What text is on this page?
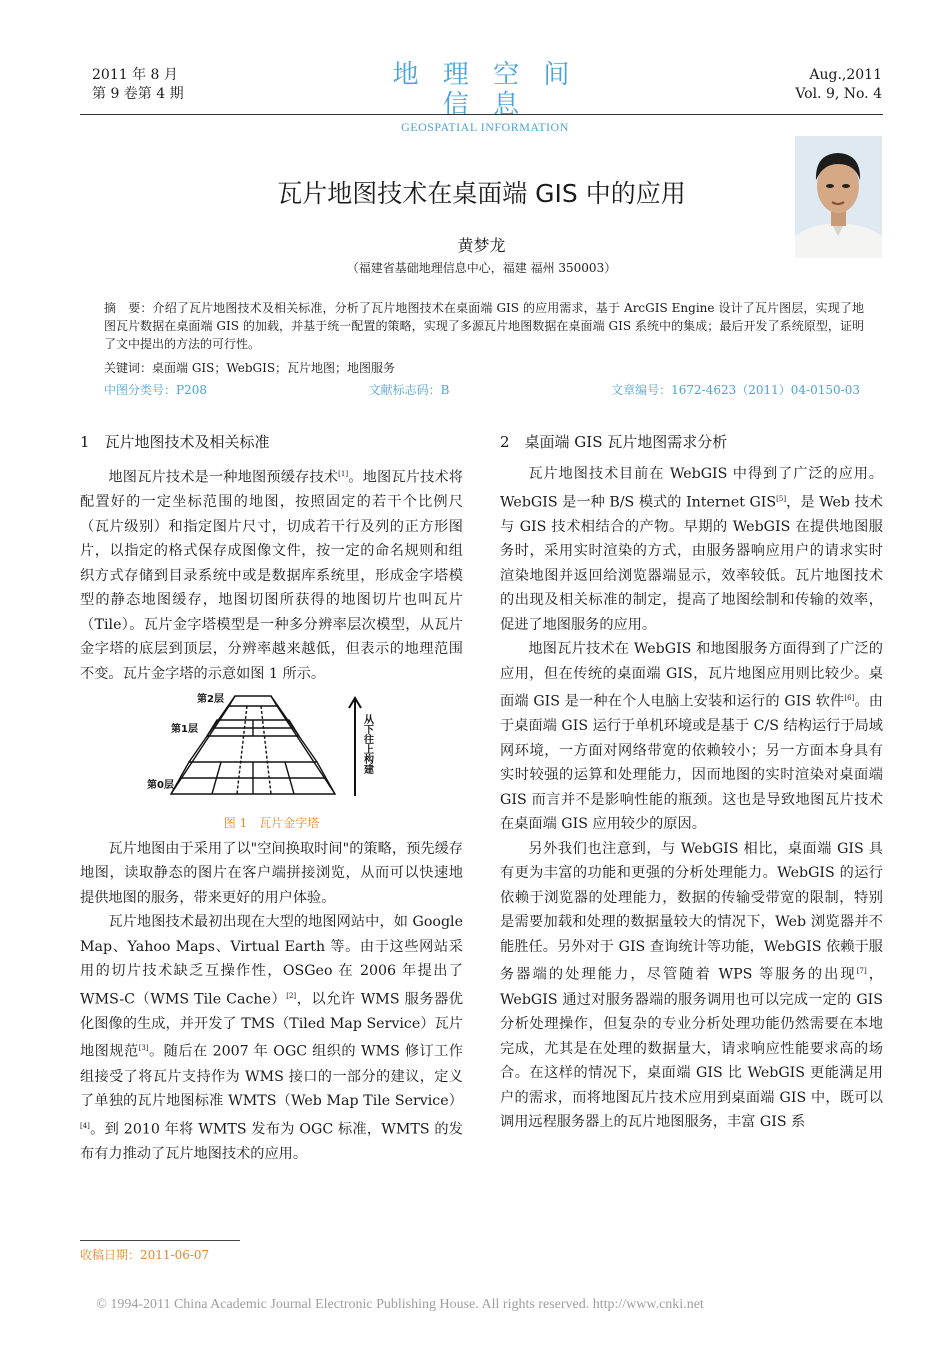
2011 年 8 月
第 9 卷第 4 期
地 理 空 间 信 息
GEOSPATIAL INFORMATION
Aug.,2011
Vol. 9, No. 4
瓦片地图技术在桌面端 GIS 中的应用
黄梦龙
（福建省基础地理信息中心，福建 福州 350003）
摘　要：介绍了瓦片地图技术及相关标准，分析了瓦片地图技术在桌面端 GIS 的应用需求，基于 ArcGIS Engine 设计了瓦片图层，实现了地图瓦片数据在桌面端 GIS 的加载，并基于统一配置的策略，实现了多源瓦片地图数据在桌面端 GIS 系统中的集成；最后开发了系统原型，证明了文中提出的方法的可行性。
关键词：桌面端 GIS；WebGIS；瓦片地图；地图服务
中图分类号：P208	文献标志码：B	文章编号：1672-4623（2011）04-0150-03
1　瓦片地图技术及相关标准

地图瓦片技术是一种地图预缓存技术[1]。地图瓦片技术将配置好的一定坐标范围的地图，按照固定的若干个比例尺（瓦片级别）和指定图片尺寸，切成若干行及列的正方形图片，以指定的格式保存成图像文件，按一定的命名规则和组织方式存储到目录系统中或是数据库系统里，形成金字塔模型的静态地图缓存，地图切图所获得的地图切片也叫瓦片（Tile）。瓦片金字塔模型是一种多分辨率层次模型，从瓦片金字塔的底层到顶层，分辨率越来越低，但表示的地理范围不变。瓦片金字塔的示意如图 1 所示。

第2层
第1层
第0层
从下往上构建
图 1　瓦片金字塔

瓦片地图由于采用了以"空间换取时间"的策略，预先缓存地图，读取静态的图片在客户端拼接浏览，从而可以快速地提供地图的服务，带来更好的用户体验。

瓦片地图技术最初出现在大型的地图网站中，如 Google Map、Yahoo Maps、Virtual Earth 等。由于这些网站采用的切片技术缺乏互操作性，OSGeo 在 2006 年提出了 WMS-C（WMS Tile Cache）[2]，以允许 WMS 服务器优化图像的生成，并开发了 TMS（Tiled Map Service）瓦片地图规范[3]。随后在 2007 年 OGC 组织的 WMS 修订工作组接受了将瓦片支持作为 WMS 接口的一部分的建议，定义了单独的瓦片地图标准 WMTS（Web Map Tile Service）[4]。到 2010 年将 WMTS 发布为 OGC 标准，WMTS 的发布有力推动了瓦片地图技术的应用。

2　桌面端 GIS 瓦片地图需求分析

瓦片地图技术目前在 WebGIS 中得到了广泛的应用。WebGIS 是一种 B/S 模式的 Internet GIS[5]，是 Web 技术与 GIS 技术相结合的产物。早期的 WebGIS 在提供地图服务时，采用实时渲染的方式，由服务器响应用户的请求实时渲染地图并返回给浏览器端显示，效率较低。瓦片地图技术的出现及相关标准的制定，提高了地图绘制和传输的效率，促进了地图服务的应用。

地图瓦片技术在 WebGIS 和地图服务方面得到了广泛的应用，但在传统的桌面端 GIS，瓦片地图应用则比较少。桌面端 GIS 是一种在个人电脑上安装和运行的 GIS 软件[6]。由于桌面端 GIS 运行于单机环境或是基于 C/S 结构运行于局域网环境，一方面对网络带宽的依赖较小；另一方面本身具有实时较强的运算和处理能力，因而地图的实时渲染对桌面端 GIS 而言并不是影响性能的瓶颈。这也是导致地图瓦片技术在桌面端 GIS 应用较少的原因。

另外我们也注意到，与 WebGIS 相比，桌面端 GIS 具有更为丰富的功能和更强的分析处理能力。WebGIS 的运行依赖于浏览器的处理能力，数据的传输受带宽的限制，特别是需要加载和处理的数据量较大的情况下，Web 浏览器并不能胜任。另外对于 GIS 查询统计等功能，WebGIS 依赖于服务器端的处理能力，尽管随着 WPS 等服务的出现[7]，WebGIS 通过对服务器端的服务调用也可以完成一定的 GIS 分析处理操作，但复杂的专业分析处理功能仍然需要在本地完成，尤其是在处理的数据量大，请求响应性能要求高的场合。在这样的情况下，桌面端 GIS 比 WebGIS 更能满足用户的需求，而将地图瓦片技术应用到桌面端 GIS 中，既可以调用远程服务器上的瓦片地图服务，丰富 GIS 系

收稿日期：2011-06-07
© 1994-2011 China Academic Journal Electronic Publishing House. All rights reserved. http://www.cnki.net
